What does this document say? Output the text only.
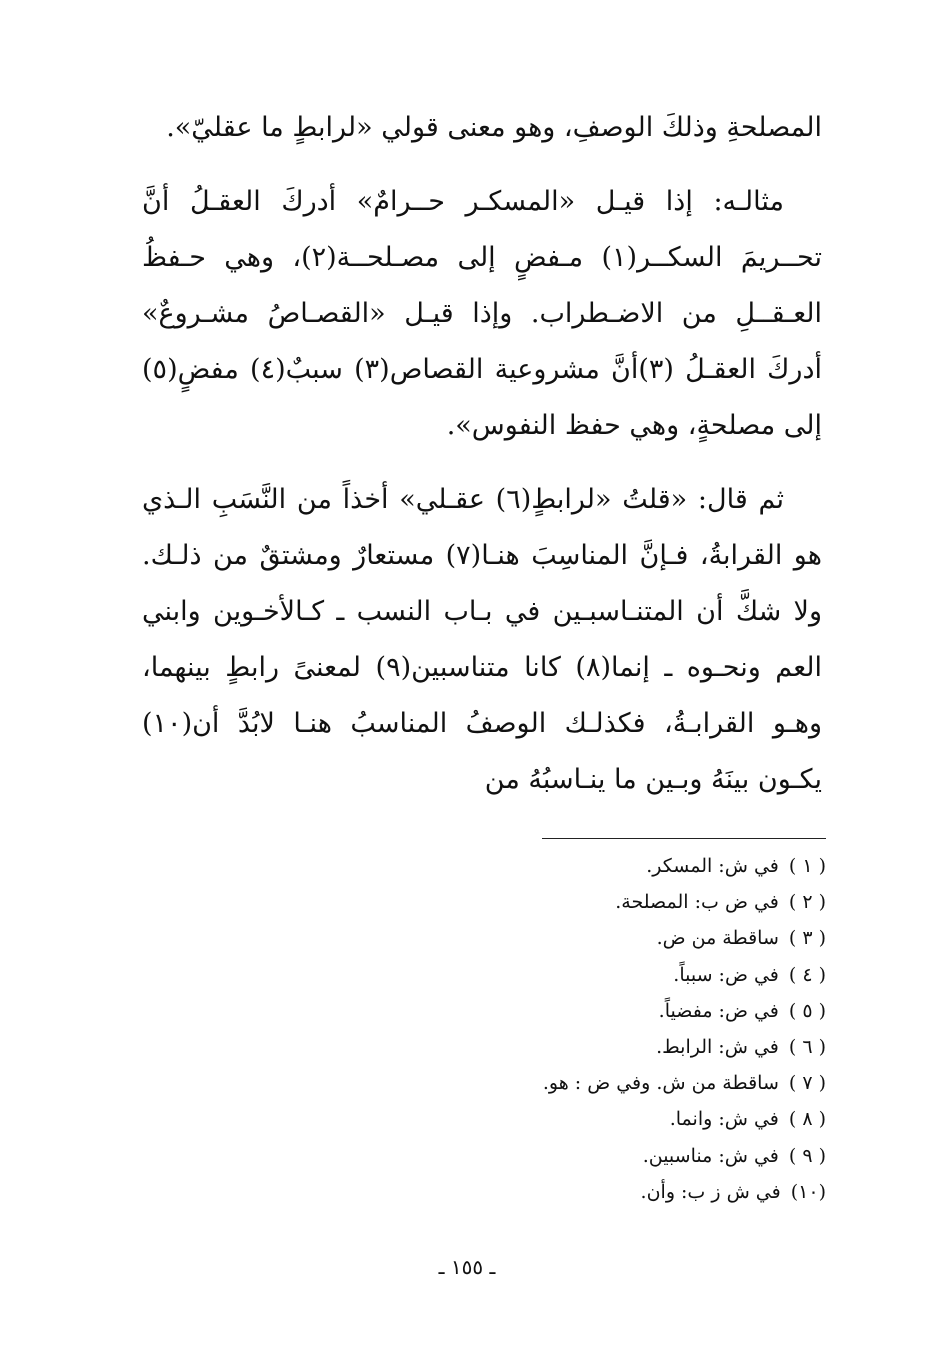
المصلحةِ وذلكَ الوصفِ، وهو معنى قولي «لرابطٍ ما عقليّ».

مثالـه: إذا قيـل «المسكـر حــرامٌ» أدركَ العقـلُ أنَّ تحــريمَ السكــر(١) مـفضٍ إلى مصـلحــة(٢)، وهي حـفظُ العـقــلِ من الاضـطراب. وإذا قيـل «القصـاصُ مشـروعٌ» أدركَ العقـلُ (٣)أنَّ مشروعية القصاص(٣) سببٌ(٤) مفضٍ(٥) إلى مصلحةٍ، وهي حفظ النفوس».

ثم قال: «قلتُ «لرابطٍ(٦) عقـلي» أخذاً من النَّسَبِ الـذي هو القرابةُ، فـإنَّ المناسِبَ هنـا(٧) مستعارٌ ومشتقٌ من ذلـك. ولا شكَّ أن المتنـاسبـين في بـاب النسب ـ كـالأخـوين وابني العم ونحـوه ـ إنما(٨) كانا متناسبين(٩) لمعنىً رابطٍ بينهما، وهـو القرابـةُ، فكذلـك الوصفُ المناسبُ هنـا لابُدَّ أن(١٠) يكـون بينَهُ وبـين ما ينـاسبُهُ من

( ١ )
في ش: المسكر.
( ٢ )
في ض ب: المصلحة.
( ٣ )
ساقطة من ض.
( ٤ )
في ض: سبباً.
( ٥ )
في ض: مفضياً.
( ٦ )
في ش: الرابط.
( ٧ )
ساقطة من ش. وفي ض : هو.
( ٨ )
في ش: وانما.
( ٩ )
في ش: مناسبين.
(١٠)
في ش ز ب: وأن.
ـ ١٥٥ ـ
